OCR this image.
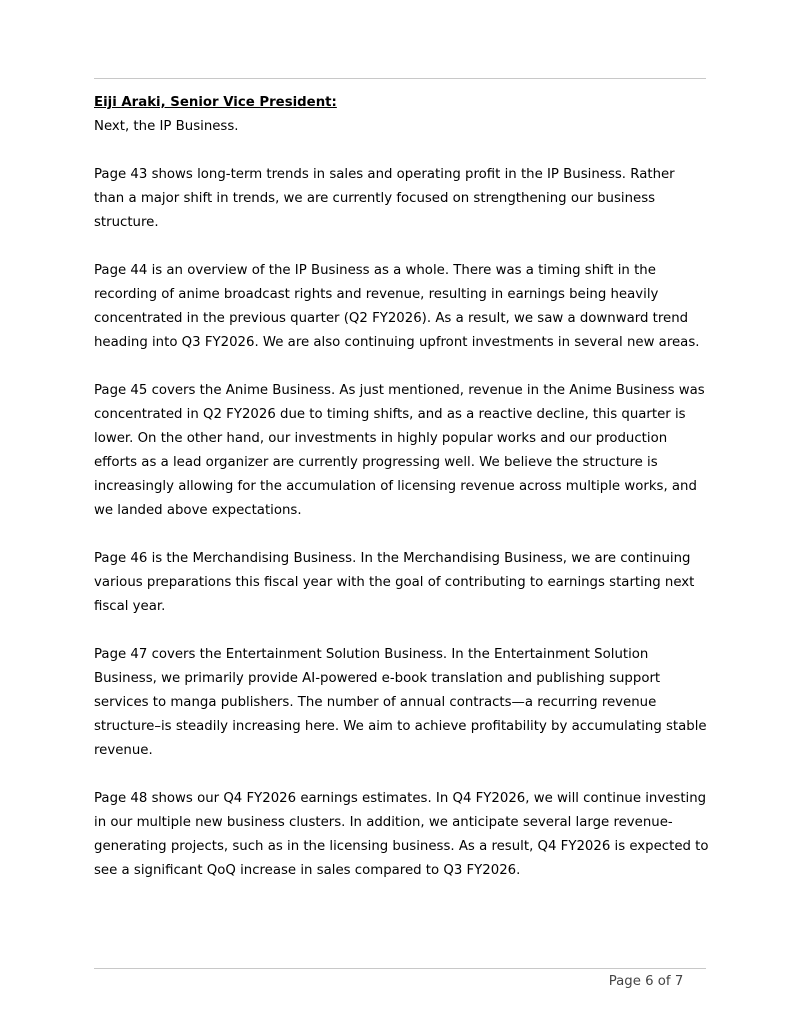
Eiji Araki, Senior Vice President:
Next, the IP Business.

Page 43 shows long-term trends in sales and operating profit in the IP Business. Rather than a major shift in trends, we are currently focused on strengthening our business structure.

Page 44 is an overview of the IP Business as a whole. There was a timing shift in the recording of anime broadcast rights and revenue, resulting in earnings being heavily concentrated in the previous quarter (Q2 FY2026). As a result, we saw a downward trend heading into Q3 FY2026. We are also continuing upfront investments in several new areas.

Page 45 covers the Anime Business. As just mentioned, revenue in the Anime Business was concentrated in Q2 FY2026 due to timing shifts, and as a reactive decline, this quarter is lower. On the other hand, our investments in highly popular works and our production efforts as a lead organizer are currently progressing well. We believe the structure is increasingly allowing for the accumulation of licensing revenue across multiple works, and we landed above expectations.

Page 46 is the Merchandising Business. In the Merchandising Business, we are continuing various preparations this fiscal year with the goal of contributing to earnings starting next fiscal year.

Page 47 covers the Entertainment Solution Business. In the Entertainment Solution Business, we primarily provide AI-powered e-book translation and publishing support services to manga publishers. The number of annual contracts—a recurring revenue structure–is steadily increasing here. We aim to achieve profitability by accumulating stable revenue.

Page 48 shows our Q4 FY2026 earnings estimates. In Q4 FY2026, we will continue investing in our multiple new business clusters. In addition, we anticipate several large revenue-generating projects, such as in the licensing business. As a result, Q4 FY2026 is expected to see a significant QoQ increase in sales compared to Q3 FY2026.

Page 6 of 7
